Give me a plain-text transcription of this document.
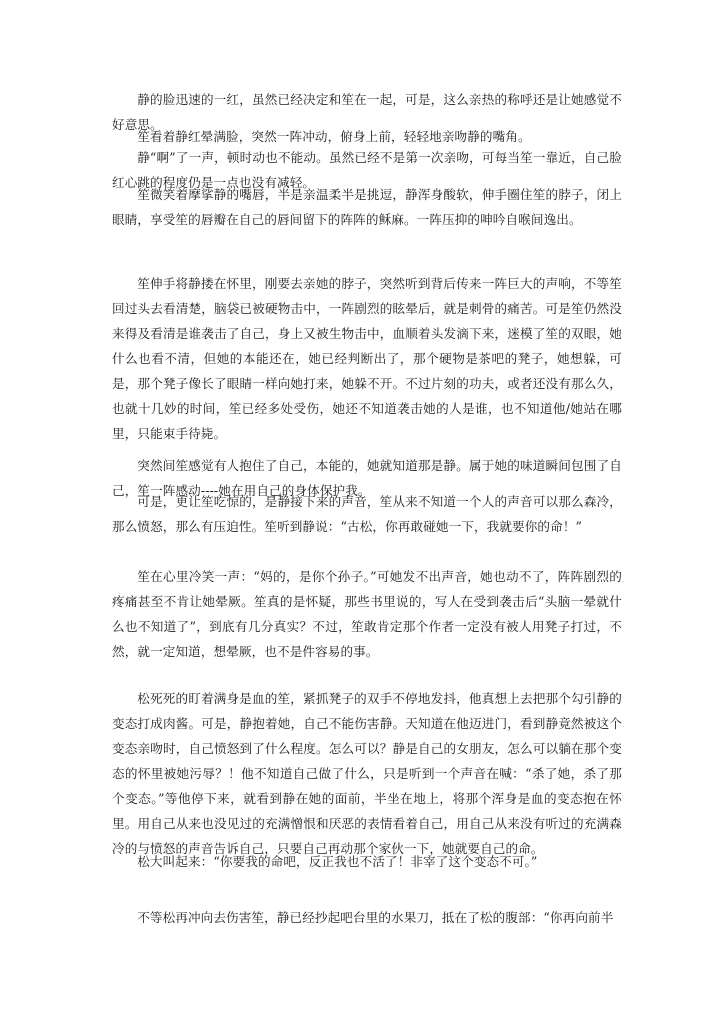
静的脸迅速的一红，虽然已经决定和笙在一起，可是，这么亲热的称呼还是让她感觉不好意思。

笙看着静红晕满脸，突然一阵冲动，俯身上前，轻轻地亲吻静的嘴角。

静“啊”了一声，顿时动也不能动。虽然已经不是第一次亲吻，可每当笙一靠近，自己脸红心跳的程度仍是一点也没有减轻。

笙微笑着摩挲静的嘴唇，半是亲温柔半是挑逗，静浑身酸软，伸手圈住笙的脖子，闭上眼睛，享受笙的唇瓣在自己的唇间留下的阵阵的稣麻。一阵压抑的呻吟自喉间逸出。

笙伸手将静搂在怀里，刚要去亲她的脖子，突然听到背后传来一阵巨大的声响，不等笙回过头去看清楚，脑袋已被硬物击中，一阵剧烈的眩晕后，就是刺骨的痛苦。可是笙仍然没来得及看清是谁袭击了自己，身上又被生物击中，血顺着头发滴下来，迷模了笙的双眼，她什么也看不清，但她的本能还在，她已经判断出了，那个硬物是茶吧的凳子，她想躲，可是，那个凳子像长了眼睛一样向她打来，她躲不开。不过片刻的功夫，或者还没有那么久，也就十几妙的时间，笙已经多处受伤，她还不知道袭击她的人是谁，也不知道他/她站在哪里，只能束手待毙。

突然间笙感觉有人抱住了自己，本能的，她就知道那是静。属于她的味道瞬间包围了自己，笙一阵感动----她在用自己的身体保护我。

可是，更让笙吃惊的，是静接下来的声音，笙从来不知道一个人的声音可以那么森冷，那么愤怒，那么有压迫性。笙听到静说：“古松，你再敢碰她一下，我就要你的命！”

笙在心里冷笑一声：“妈的，是你个孙子。”可她发不出声音，她也动不了，阵阵剧烈的疼痛甚至不肯让她晕厥。笙真的是怀疑，那些书里说的，写人在受到袭击后“头脑一晕就什么也不知道了”，到底有几分真实？不过，笙敢肯定那个作者一定没有被人用凳子打过，不然，就一定知道，想晕厥，也不是件容易的事。

松死死的盯着满身是血的笙，紧抓凳子的双手不停地发抖，他真想上去把那个勾引静的变态打成肉酱。可是，静抱着她，自己不能伤害静。天知道在他迈进门，看到静竟然被这个变态亲吻时，自己愤怒到了什么程度。怎么可以？静是自己的女朋友，怎么可以躺在那个变态的怀里被她污辱？！他不知道自己做了什么，只是听到一个声音在喊：“杀了她，杀了那个变态。”等他停下来，就看到静在她的面前，半坐在地上，将那个浑身是血的变态抱在怀里。用自己从来也没见过的充满憎恨和厌恶的表情看着自己，用自己从来没有听过的充满森冷的与愤怒的声音告诉自己，只要自己再动那个家伙一下，她就要自己的命。

松大叫起来：“你要我的命吧，反正我也不活了！非宰了这个变态不可。”

不等松再冲向去伤害笙，静已经抄起吧台里的水果刀，抵在了松的腹部：“你再向前半
